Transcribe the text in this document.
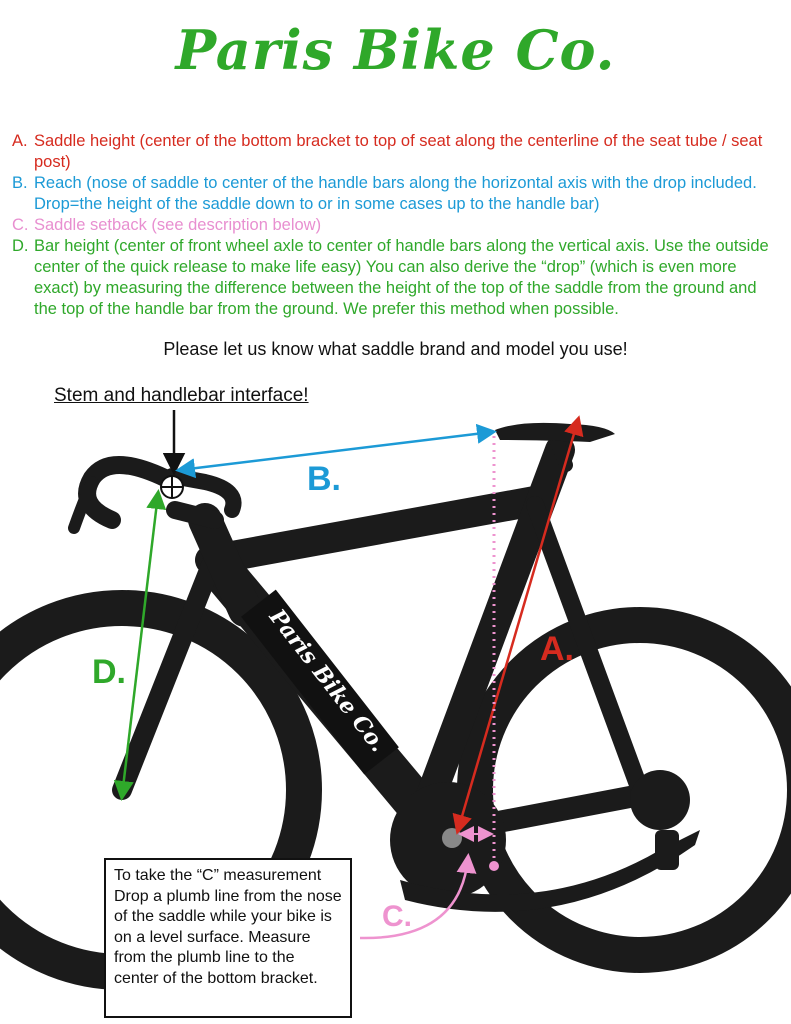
Paris Bike Co.

A. Saddle height (center of the bottom bracket to top of seat along the centerline of the seat tube / seat post)

B. Reach (nose of saddle to center of the handle bars along the horizontal axis with the drop included. Drop=the height of the saddle down to or in some cases up to the handle bar)

C. Saddle setback (see description below)

D. Bar height (center of front wheel axle to center of handle bars along the vertical axis. Use the outside center of the quick release to make life easy) You can also derive the “drop” (which is even more exact) by measuring the difference between the height of the top of the saddle from the ground and the top of the handle bar from the ground. We prefer this method when possible.

Please let us know what saddle brand and model you use!
Paris Bike Co.
B.
A.
D.
C.
Stem and handlebar interface!
To take the “C” measurement Drop a plumb line from the nose of the saddle while your bike is on a level surface. Measure from the plumb line to the center of the bottom bracket.
